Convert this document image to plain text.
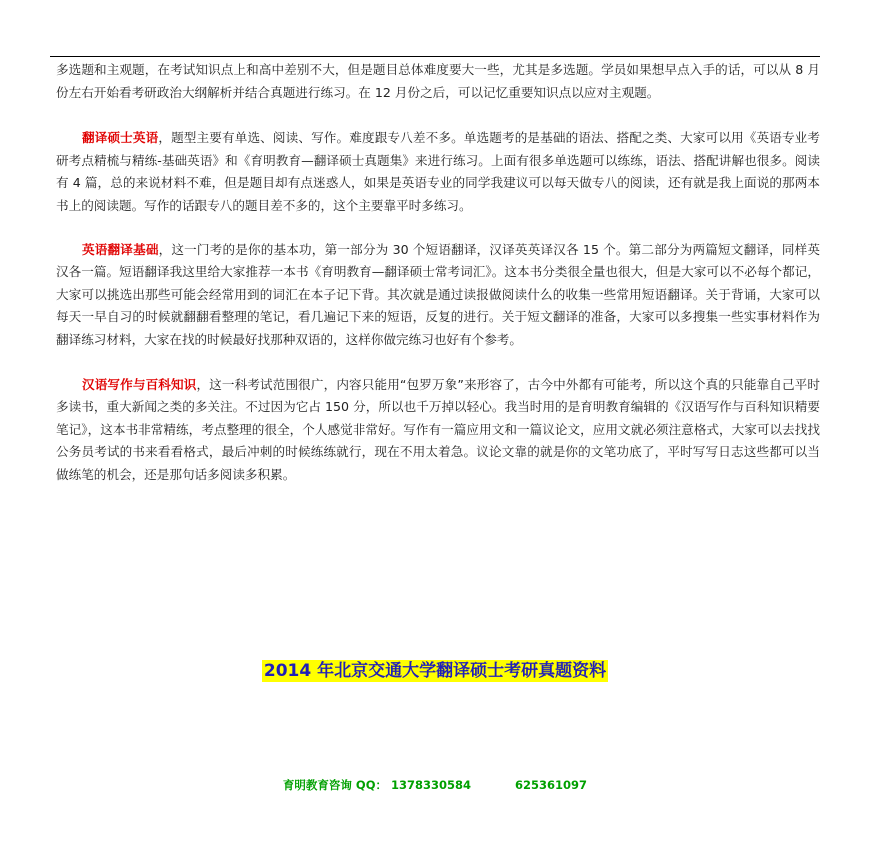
多选题和主观题，在考试知识点上和高中差别不大，但是题目总体难度要大一些，尤其是多选题。学员如果想早点入手的话，可以从 8 月份左右开始看考研政治大纲解析并结合真题进行练习。在 12 月份之后，可以记忆重要知识点以应对主观题。

翻译硕士英语，题型主要有单选、阅读、写作。难度跟专八差不多。单选题考的是基础的语法、搭配之类、大家可以用《英语专业考研考点精梳与精练-基础英语》和《育明教育—翻译硕士真题集》来进行练习。上面有很多单选题可以练练，语法、搭配讲解也很多。阅读有 4 篇，总的来说材料不难，但是题目却有点迷惑人，如果是英语专业的同学我建议可以每天做专八的阅读，还有就是我上面说的那两本书上的阅读题。写作的话跟专八的题目差不多的，这个主要靠平时多练习。

英语翻译基础，这一门考的是你的基本功，第一部分为 30 个短语翻译，汉译英英译汉各 15 个。第二部分为两篇短文翻译，同样英汉各一篇。短语翻译我这里给大家推荐一本书《育明教育—翻译硕士常考词汇》。这本书分类很全量也很大，但是大家可以不必每个都记，大家可以挑选出那些可能会经常用到的词汇在本子记下背。其次就是通过读报做阅读什么的收集一些常用短语翻译。关于背诵，大家可以每天一早自习的时候就翻翻看整理的笔记，看几遍记下来的短语，反复的进行。关于短文翻译的准备，大家可以多搜集一些实事材料作为翻译练习材料，大家在找的时候最好找那种双语的，这样你做完练习也好有个参考。

汉语写作与百科知识，这一科考试范围很广，内容只能用“包罗万象”来形容了，古今中外都有可能考，所以这个真的只能靠自己平时多读书，重大新闻之类的多关注。不过因为它占 150 分，所以也千万掉以轻心。我当时用的是育明教育编辑的《汉语写作与百科知识精要笔记》，这本书非常精练，考点整理的很全，个人感觉非常好。写作有一篇应用文和一篇议论文，应用文就必须注意格式，大家可以去找找公务员考试的书来看看格式，最后冲刺的时候练练就行，现在不用太着急。议论文靠的就是你的文笔功底了，平时写写日志这些都可以当做练笔的机会，还是那句话多阅读多积累。

2014 年北京交通大学翻译硕士考研真题资料
育明教育咨询 QQ： 1378330584	625361097
